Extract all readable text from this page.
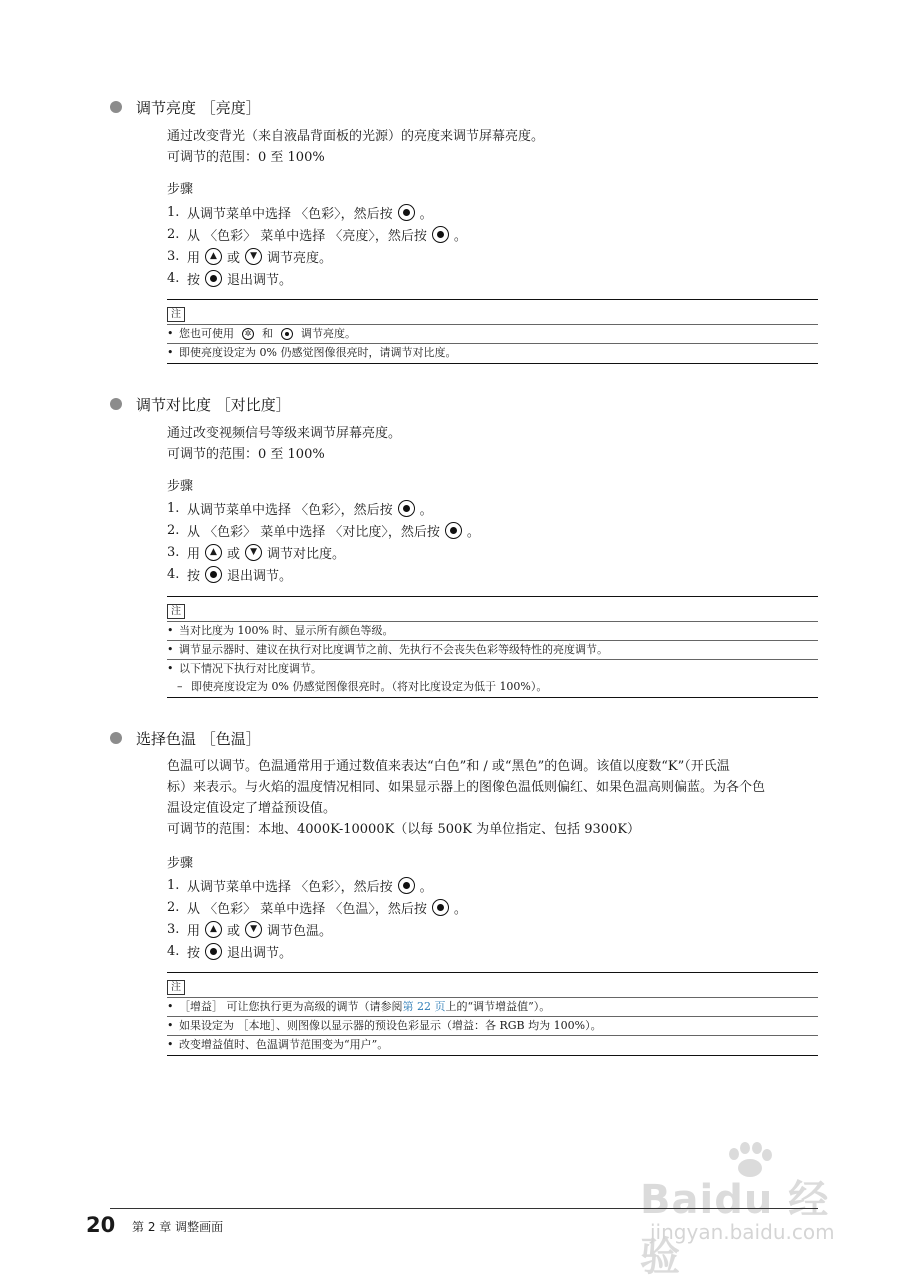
调节亮度 ［亮度］

通过改变背光（来自液晶背面板的光源）的亮度来调节屏幕亮度。
可调节的范围：0 至 100%

步骤
1. 从调节菜单中选择 〈色彩〉，然后按 。
2. 从 〈色彩〉 菜单中选择 〈亮度〉，然后按 。
3. 用 ▲ 或 ▼ 调节亮度。
4. 按 退出调节。
注
• 您也可使用	✲ 和	调节亮度。
• 即使亮度设定为 0% 仍感觉图像很亮时，请调节对比度。
调节对比度 ［对比度］

通过改变视频信号等级来调节屏幕亮度。
可调节的范围：0 至 100%

步骤
1. 从调节菜单中选择 〈色彩〉，然后按 。
2. 从 〈色彩〉 菜单中选择 〈对比度〉，然后按 。
3. 用 ▲ 或 ▼ 调节对比度。
4. 按 退出调节。
注
• 当对比度为 100% 时、显示所有颜色等级。
• 调节显示器时、建议在执行对比度调节之前、先执行不会丧失色彩等级特性的亮度调节。
• 以下情况下执行对比度调节。
– 即使亮度设定为 0% 仍感觉图像很亮时。（将对比度设定为低于 100%）。
选择色温 ［色温］

色温可以调节。色温通常用于通过数值来表达“白色”和 / 或“黑色”的色调。该值以度数“K”（开氏温
标）来表示。与火焰的温度情况相同、如果显示器上的图像色温低则偏红、如果色温高则偏蓝。为各个色
温设定值设定了增益预设值。
可调节的范围：本地、4000K-10000K（以每 500K 为单位指定、包括 9300K）

步骤
1. 从调节菜单中选择 〈色彩〉，然后按 。
2. 从 〈色彩〉 菜单中选择 〈色温〉，然后按 。
3. 用 ▲ 或 ▼ 调节色温。
4. 按 退出调节。
注
• ［增益］ 可让您执行更为高级的调节（请参阅 第 22 页 上的“调节增益值”）。
• 如果设定为 ［本地］、则图像以显示器的预设色彩显示（增益：各 RGB 均为 100%）。
• 改变增益值时、色温调节范围变为“用户”。
Baidu 经验
jingyan.baidu.com
20 第 2 章 调整画面
